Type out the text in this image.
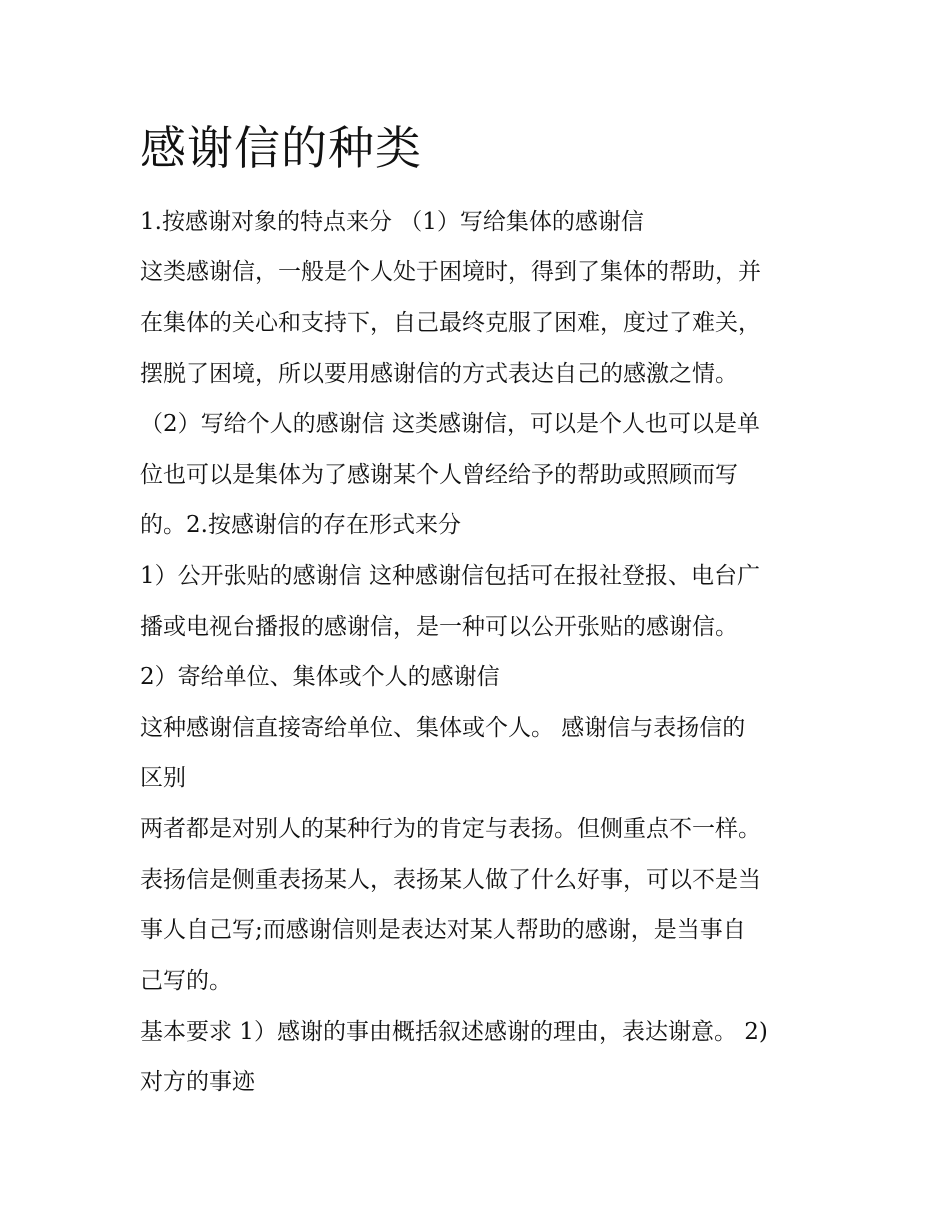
感谢信的种类

1.按感谢对象的特点来分 （1）写给集体的感谢信

这类感谢信，一般是个人处于困境时，得到了集体的帮助，并

在集体的关心和支持下，自己最终克服了困难，度过了难关，

摆脱了困境，所以要用感谢信的方式表达自己的感激之情。

（2）写给个人的感谢信 这类感谢信，可以是个人也可以是单

位也可以是集体为了感谢某个人曾经给予的帮助或照顾而写

的。2.按感谢信的存在形式来分

1）公开张贴的感谢信 这种感谢信包括可在报社登报、电台广

播或电视台播报的感谢信，是一种可以公开张贴的感谢信。

2）寄给单位、集体或个人的感谢信

这种感谢信直接寄给单位、集体或个人。 感谢信与表扬信的

区别

两者都是对别人的某种行为的肯定与表扬。但侧重点不一样。

表扬信是侧重表扬某人，表扬某人做了什么好事，可以不是当

事人自己写;而感谢信则是表达对某人帮助的感谢，是当事自

己写的。

基本要求 1）感谢的事由概括叙述感谢的理由，表达谢意。 2)

对方的事迹
